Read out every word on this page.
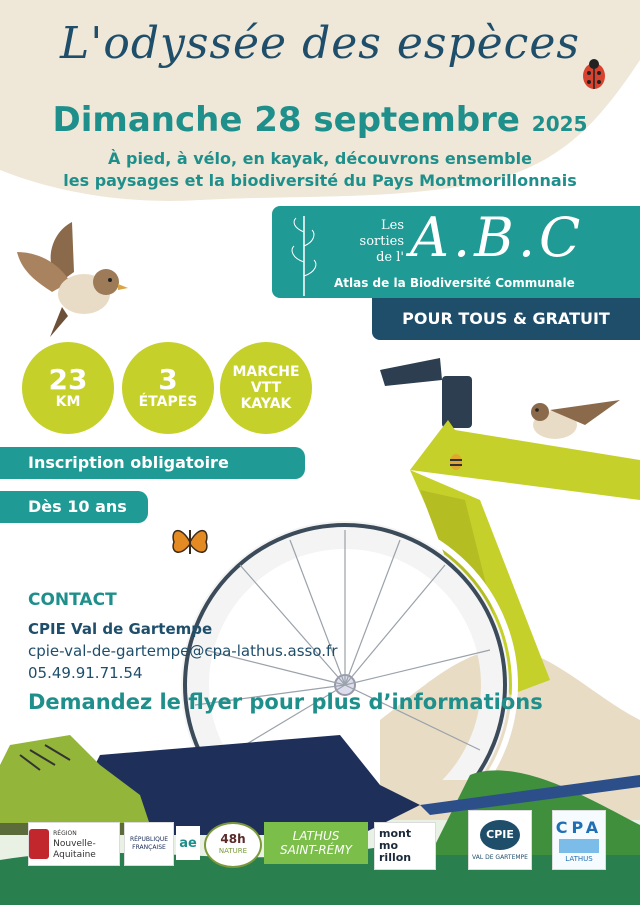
L'odyssée des espèces
Dimanche 28 septembre 2025
À pied, à vélo, en kayak, découvrons ensemble
les paysages et la biodiversité du Pays Montmorillonnais
Les sorties
de l' A.B.C
Atlas de la Biodiversité Communale
POUR TOUS & GRATUIT
23
KM
3
ÉTAPES
MARCHE
VTT
KAYAK
Inscription obligatoire
Dès 10 ans
CONTACT
CPIE Val de Gartempe
cpie-val-de-gartempe@cpa-lathus.asso.fr
05.49.91.71.54
Demandez le flyer pour plus d’informations
RÉGION
Nouvelle-Aquitaine
RÉPUBLIQUE FRANÇAISE	ae 48h
NATURE
LATHUS
SAINT-RÉMY
mont
mo
rillon
CPIE
VAL DE GARTEMPE
CPA
LATHUS
